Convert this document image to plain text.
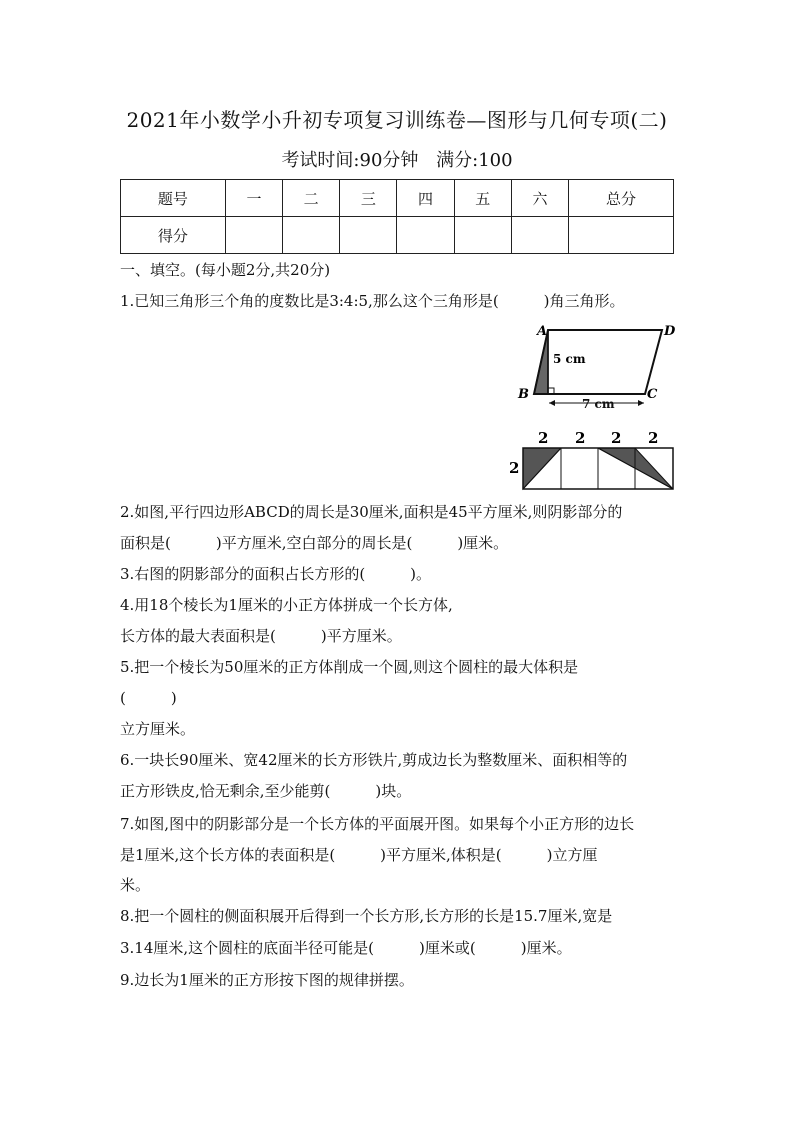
2021年小数学小升初专项复习训练卷—图形与几何专项(二)
考试时间:90分钟 满分:100
题号	一	二	三	四	五	六	总分
得分							
一、填空。(每小题2分,共20分)
1.已知三角形三个角的度数比是3:4:5,那么这个三角形是(　　　)角三角形。
A	D
B	C
5 cm
7 cm
2 2 2 2
2
2.如图,平行四边形ABCD的周长是30厘米,面积是45平方厘米,则阴影部分的
面积是(　　　)平方厘米,空白部分的周长是(　　　)厘米。
3.右图的阴影部分的面积占长方形的(　　　)。
4.用18个棱长为1厘米的小正方体拼成一个长方体,
长方体的最大表面积是(　　　)平方厘米。
5.把一个棱长为50厘米的正方体削成一个圆,则这个圆柱的最大体积是
(　　　)
立方厘米。
6.一块长90厘米、宽42厘米的长方形铁片,剪成边长为整数厘米、面积相等的
正方形铁皮,恰无剩余,至少能剪(　　　)块。
7.如图,图中的阴影部分是一个长方体的平面展开图。如果每个小正方形的边长
是1厘米,这个长方体的表面积是(　　　)平方厘米,体积是(　　　)立方厘
米。
8.把一个圆柱的侧面积展开后得到一个长方形,长方形的长是15.7厘米,宽是
3.14厘米,这个圆柱的底面半径可能是(　　　)厘米或(　　　)厘米。
9.边长为1厘米的正方形按下图的规律拼摆。
